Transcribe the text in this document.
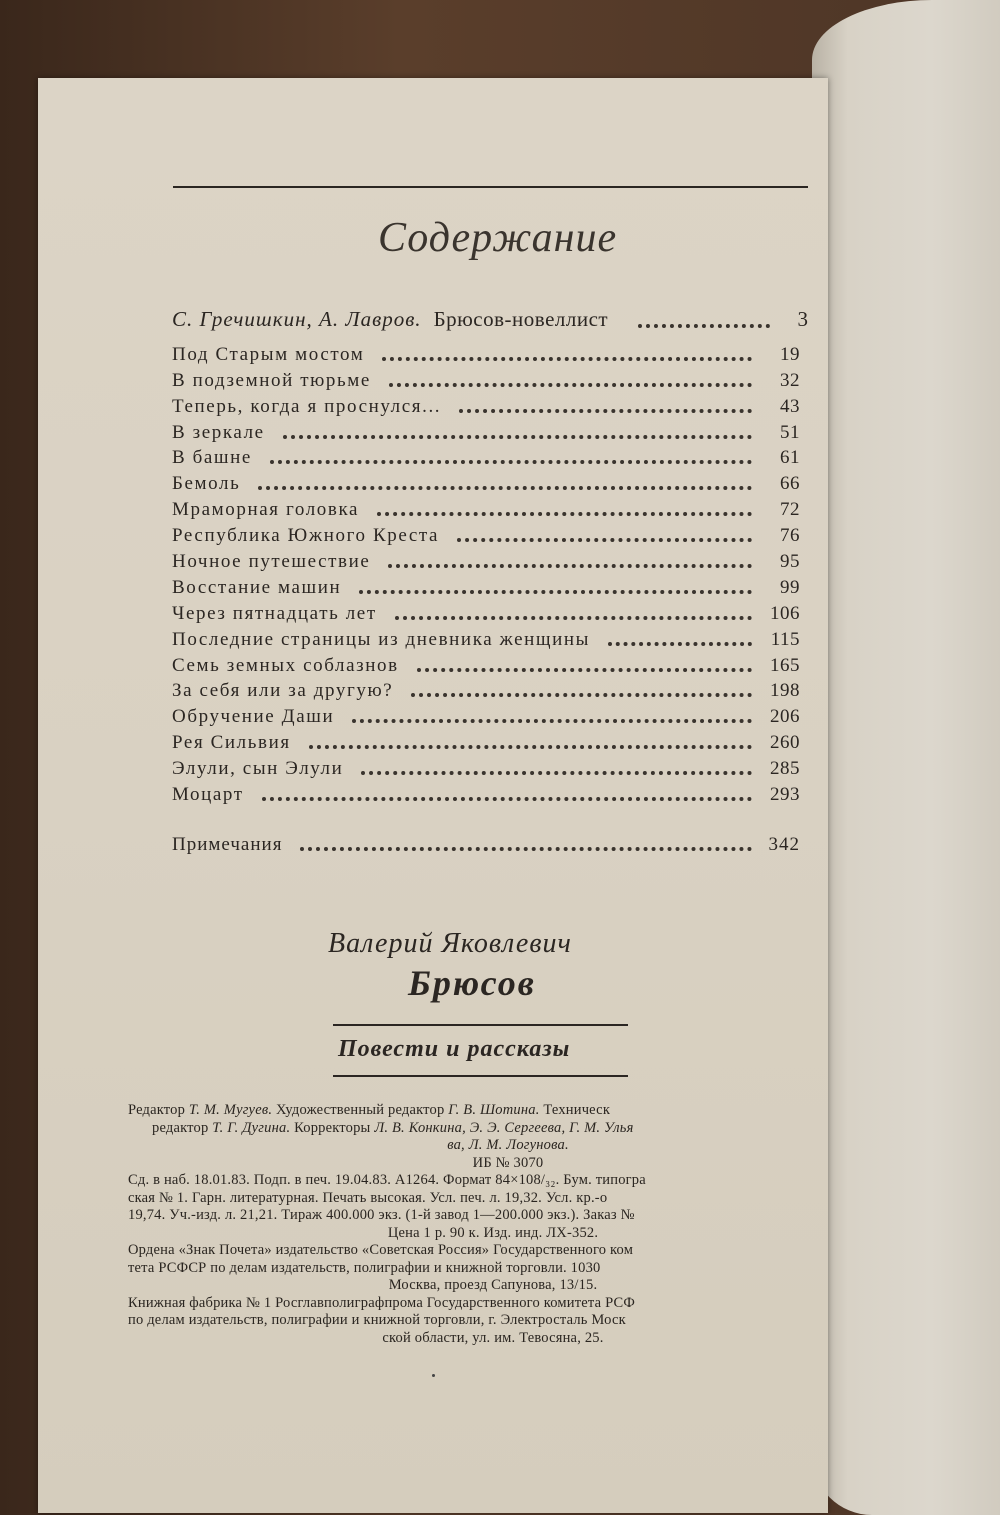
Содержание
С. Гречишкин, А. Лавров. Брюсов-новеллист	3
Под Старым мостом	19
В подземной тюрьме	32
Теперь, когда я проснулся...	43
В зеркале	51
В башне	61
Бемоль	66
Мраморная головка	72
Республика Южного Креста	76
Ночное путешествие	95
Восстание машин	99
Через пятнадцать лет	106
Последние страницы из дневника женщины	115
Семь земных соблазнов	165
За себя или за другую?	198
Обручение Даши	206
Рея Сильвия	260
Элули, сын Элули	285
Моцарт	293
Примечания	342
Валерий Яковлевич
Брюсов
Повести и рассказы
Редактор Т. М. Мугуев. Художественный редактор Г. В. Шотина. Техническ
редактор Т. Г. Дугина. Корректоры Л. В. Конкина, Э. Э. Сергеева, Г. М. Улья
ва, Л. М. Логунова.
ИБ № 3070
Сд. в наб. 18.01.83. Подп. в печ. 19.04.83. А1264. Формат 84×108/₃₂. Бум. типогра
ская № 1. Гарн. литературная. Печать высокая. Усл. печ. л. 19,32. Усл. кр.-о
19,74. Уч.-изд. л. 21,21. Тираж 400.000 экз. (1-й завод 1—200.000 экз.). Заказ №
Цена 1 р. 90 к. Изд. инд. ЛХ-352.
Ордена «Знак Почета» издательство «Советская Россия» Государственного ком
тета РСФСР по делам издательств, полиграфии и книжной торговли. 1030
Москва, проезд Сапунова, 13/15.
Книжная фабрика № 1 Росглавполиграфпрома Государственного комитета РСФ
по делам издательств, полиграфии и книжной торговли, г. Электросталь Моск
ской области, ул. им. Тевосяна, 25.
